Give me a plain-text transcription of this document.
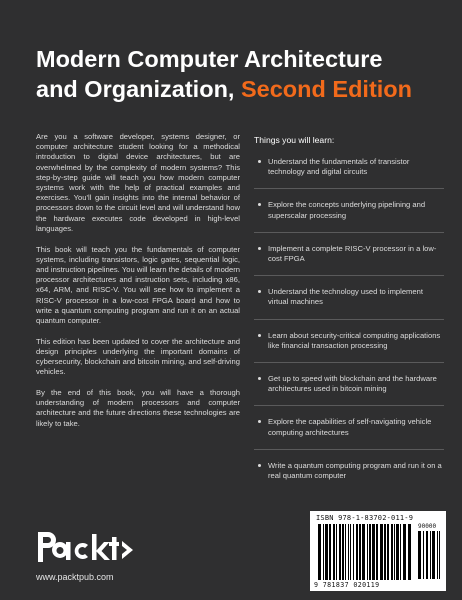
Modern Computer Architecture
and Organization, Second Edition

Are you a software developer, systems designer, or computer architecture student looking for a methodical introduction to digital device architectures, but are overwhelmed by the complexity of modern systems? This step-by-step guide will teach you how modern computer systems work with the help of practical examples and exercises. You'll gain insights into the internal behavior of processors down to the circuit level and will understand how the hardware executes code developed in high-level languages.

This book will teach you the fundamentals of computer systems, including transistors, logic gates, sequential logic, and instruction pipelines. You will learn the details of modern processor architectures and instruction sets, including x86, x64, ARM, and RISC-V. You will see how to implement a RISC-V processor in a low-cost FPGA board and how to write a quantum computing program and run it on an actual quantum computer.

This edition has been updated to cover the architecture and design principles underlying the important domains of cybersecurity, blockchain and bitcoin mining, and self-driving vehicles.

By the end of this book, you will have a thorough understanding of modern processors and computer architecture and the future directions these technologies are likely to take.

Things you will learn:
Understand the fundamentals of transistor technology and digital circuits
Explore the concepts underlying pipelining and superscalar processing
Implement a complete RISC-V processor in a low-cost FPGA
Understand the technology used to implement virtual machines
Learn about security-critical computing applications like financial transaction processing
Get up to speed with blockchain and the hardware architectures used in bitcoin mining
Explore the capabilities of self-navigating vehicle computing architectures
Write a quantum computing program and run it on a real quantum computer
www.packtpub.com
ISBN 978-1-83702-011-9
90000
9 781837 020119
